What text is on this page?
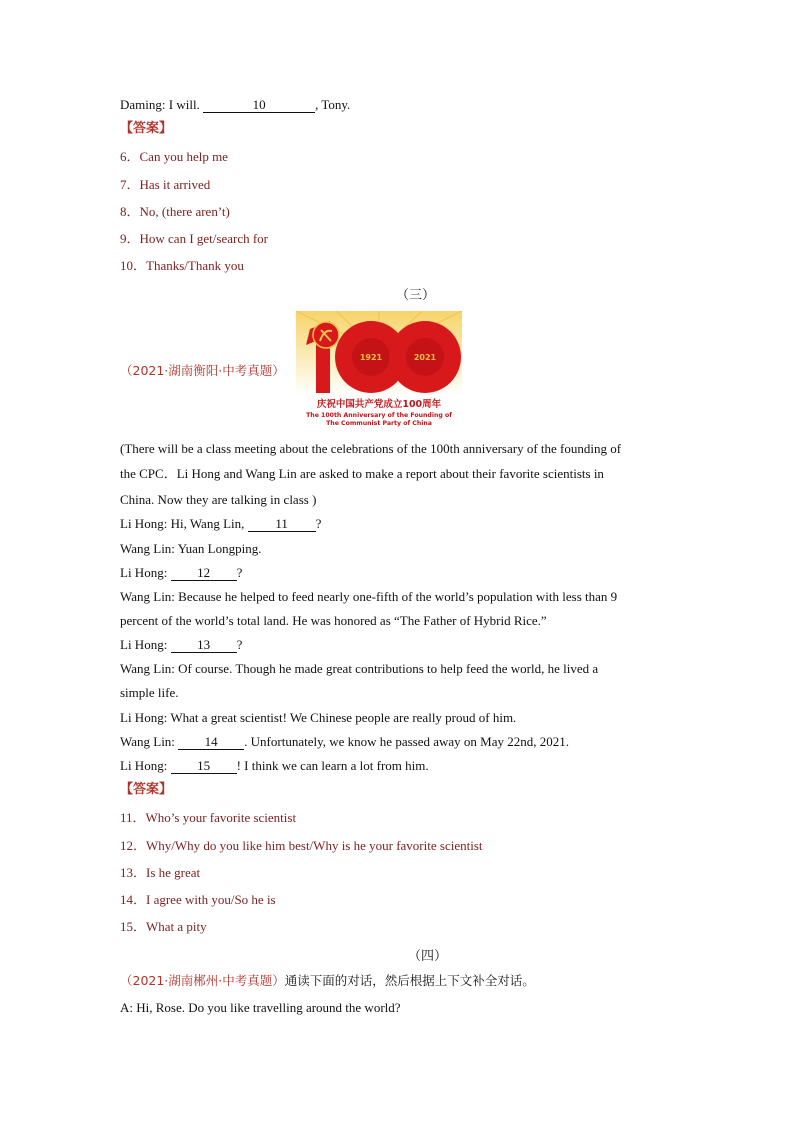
Daming: I will.	10	, Tony.
【答案】
6．Can you help me
7．Has it arrived
8．No, (there aren’t)
9．How can I get/search for
10．Thanks/Thank you
（三）
（2021·湖南衡阳·中考真题）
1921	2021
庆祝中国共产党成立100周年
The 100th Anniversary of the Founding of
The Communist Party of China
(There will be a class meeting about the celebrations of the 100th anniversary of the founding of
the CPC．Li Hong and Wang Lin are asked to make a report about their favorite scientists in
China. Now they are talking in class )
Li Hong: Hi, Wang Lin, 11 ?
Wang Lin: Yuan Longping.
Li Hong: 12 ?
Wang Lin: Because he helped to feed nearly one-fifth of the world’s population with less than 9
percent of the world’s total land. He was honored as “The Father of Hybrid Rice.”
Li Hong: 13 ?
Wang Lin: Of course. Though he made great contributions to help feed the world, he lived a
simple life.
Li Hong: What a great scientist! We Chinese people are really proud of him.
Wang Lin: 14 . Unfortunately, we know he passed away on May 22nd, 2021.
Li Hong: 15 ! I think we can learn a lot from him.
【答案】
11．Who’s your favorite scientist
12．Why/Why do you like him best/Why is he your favorite scientist
13．Is he great
14．I agree with you/So he is
15．What a pity
（四）
（2021·湖南郴州·中考真题）通读下面的对话，然后根据上下文补全对话。
A: Hi, Rose. Do you like travelling around the world?
